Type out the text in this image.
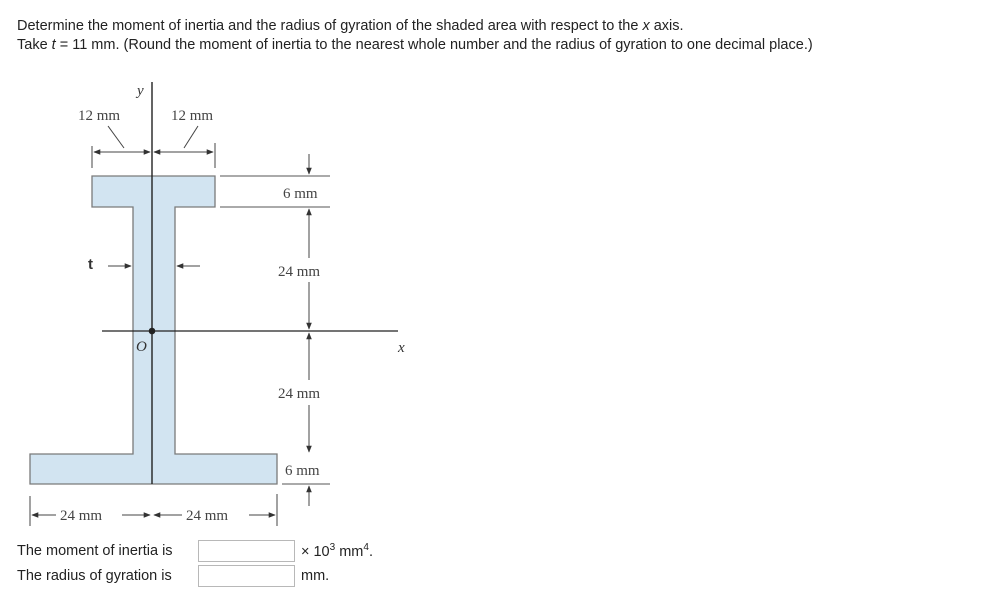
Determine the moment of inertia and the radius of gyration of the shaded area with respect to the x axis.

Take t = 11 mm. (Round the moment of inertia to the nearest whole number and the radius of gyration to one decimal place.)

y
x
O
12 mm	12 mm
t
6 mm
24 mm
24 mm
6 mm
24 mm	24 mm
The moment of inertia is	× $10^3$ $mm^4$.
The radius of gyration is	mm.
